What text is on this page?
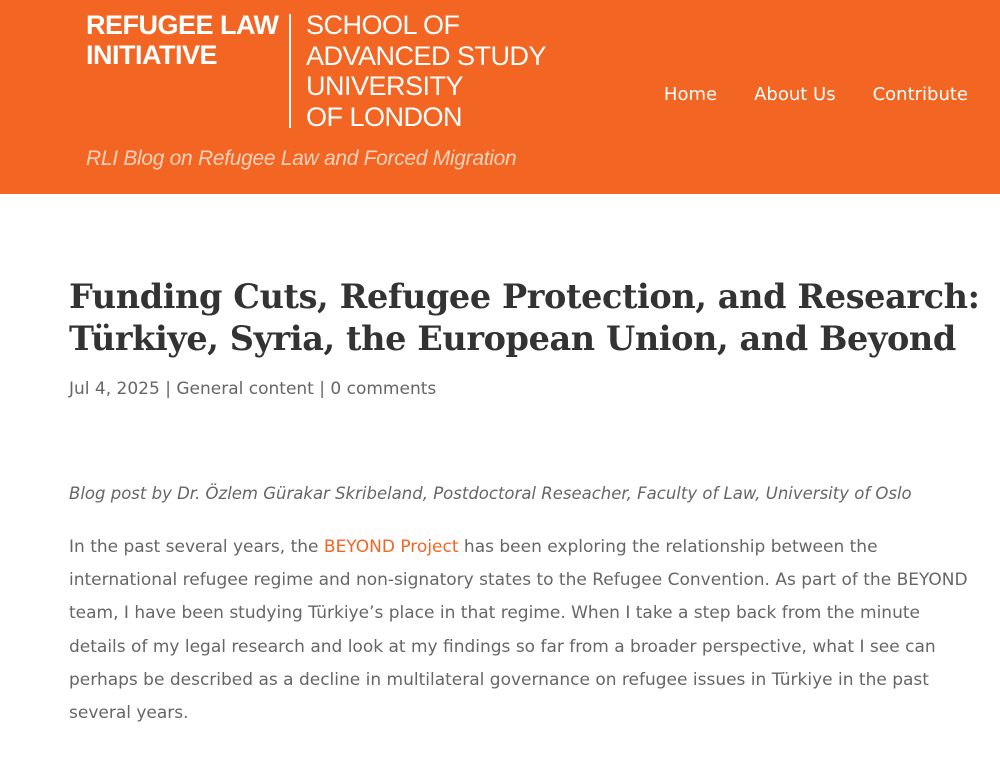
REFUGEE LAW
INITIATIVE
SCHOOL OF
ADVANCED STUDY
UNIVERSITY
OF LONDON
RLI Blog on Refugee Law and Forced Migration
Home About Us Contribute
Funding Cuts, Refugee Protection, and Research:
Türkiye, Syria, the European Union, and Beyond
Jul 4, 2025 | General content | 0 comments
Blog post by Dr. Özlem Gürakar Skribeland, Postdoctoral Reseacher, Faculty of Law, University of Oslo

In the past several years, the BEYOND Project has been exploring the relationship between the international refugee regime and non-signatory states to the Refugee Convention. As part of the BEYOND team, I have been studying Türkiye’s place in that regime. When I take a step back from the minute details of my legal research and look at my findings so far from a broader perspective, what I see can perhaps be described as a decline in multilateral governance on refugee issues in Türkiye in the past several years.
